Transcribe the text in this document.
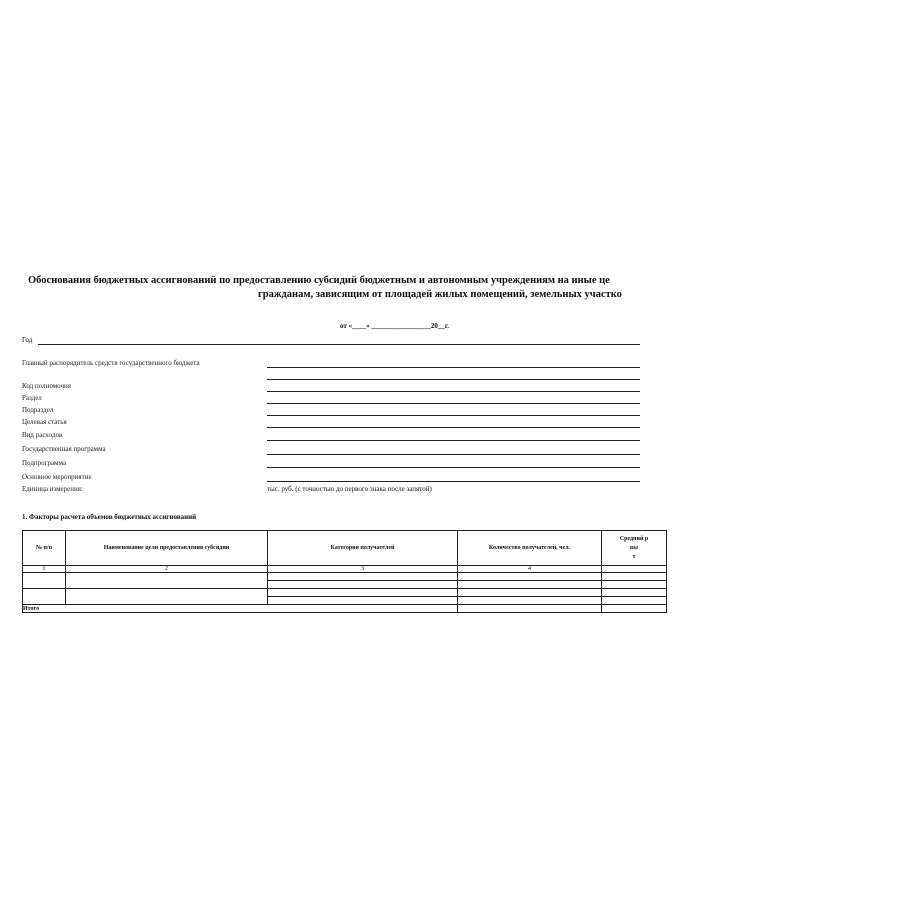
Обоснования бюджетных ассигнований по предоставлению субсидий бюджетным и автономным учреждениям на иные це
гражданам, зависящим от площадей жилых помещений, земельных участко
от «____» _________________20__г.
Год
Главный распорядитель средств государственного бюджета
Код полномочия
Раздел
Подраздел
Целевая статья
Вид расходов
Государственная программа
Подпрограмма
Основное мероприятие
Единица измерения:	тыс. руб. (с точностью до первого знака после запятой)
1. Факторы расчета объемов бюджетных ассигнований
№ п/п	Наименование цели предоставления субсидии	Категория получателей	Количество получателей, чел.	Средний р
вы
т
1	2	3	4	

Итого				
